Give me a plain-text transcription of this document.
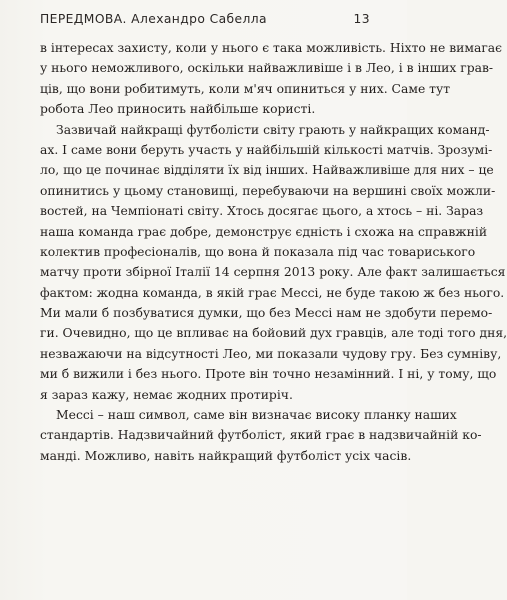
ПЕРЕДМОВА. Алехандро Сабелла	13

в інтересах захисту, коли у нього є така можливість. Ніхто не вимагає
у нього неможливого, оскільки найважливіше і в Лео, і в інших грав-
ців, що вони робитимуть, коли м'яч опиниться у них. Саме тут
робота Лео приносить найбільше користі.

Зазвичай найкращі футболісти світу грають у найкращих команд-
ах. І саме вони беруть участь у найбільшій кількості матчів. Зрозумі-
ло, що це починає відділяти їх від інших. Найважливіше для них – це
опинитись у цьому становищі, перебуваючи на вершині своїх можли-
востей, на Чемпіонаті світу. Хтось досягає цього, а хтось – ні. Зараз
наша команда грає добре, демонструє єдність і схожа на справжній
колектив професіоналів, що вона й показала під час товариського
матчу проти збірної Італії 14 серпня 2013 року. Але факт залишається
фактом: жодна команда, в якій грає Мессі, не буде такою ж без нього.
Ми мали б позбуватися думки, що без Мессі нам не здобути перемо-
ги. Очевидно, що це впливає на бойовий дух гравців, але тоді того дня,
незважаючи на відсутності Лео, ми показали чудову гру. Без сумніву,
ми б вижили і без нього. Проте він точно незамінний. І ні, у тому, що
я зараз кажу, немає жодних протиріч.

Мессі – наш символ, саме він визначає високу планку наших
стандартів. Надзвичайний футболіст, який грає в надзвичайній ко-
манді. Можливо, навіть найкращий футболіст усіх часів.
